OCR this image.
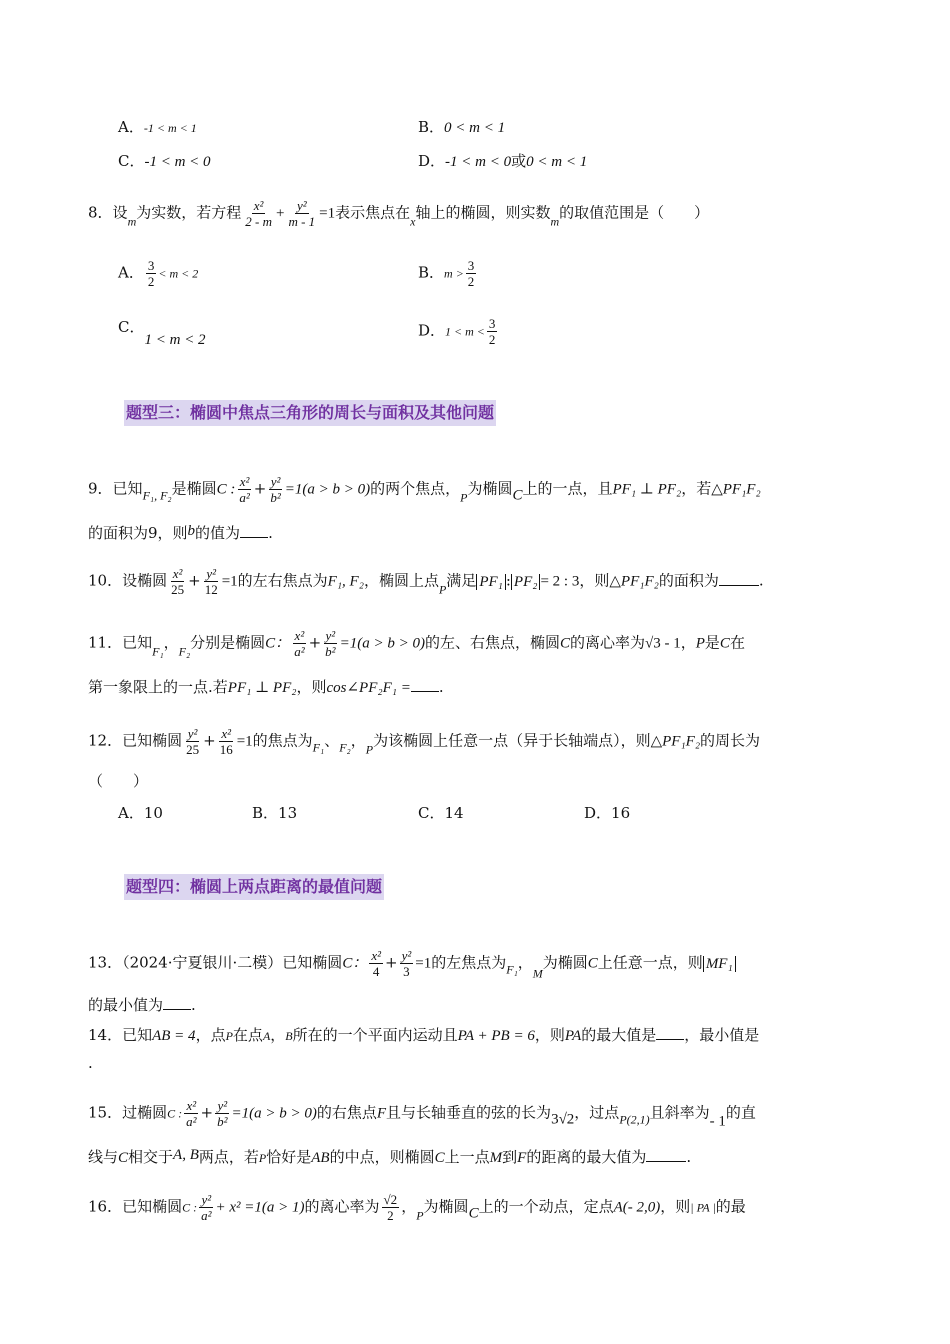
A．-1 < m < 1	B．0 < m < 1
C．-1 < m < 0	D．-1 < m < 0或0 < m < 1
8．设$_m$为实数，若方程 $\frac{\text{x²}}{2 - m} + \frac{\text{y²}}{m - 1} =1$表示焦点在$_x$轴上的椭圆，则实数$_m$的取值范围是（　　）
A． $\frac{3}{2} < m < 2$	B．$m > \frac{3}{2}$
C．1 < m < 2
D．$1 < m < \frac{3}{2}$
题型三：椭圆中焦点三角形的周长与面积及其他问题
9．已知$_{F_1, F_2}$是椭圆C : $\frac{\text{x²}}{\text{a²}} + \frac{\text{y²}}{\text{b²}} =1(a > b > 0)$的两个焦点，$_P$为椭圆C上的一点，且PF₁ ⊥ PF₂，若△PF₁F₂
的面积为9，则b的值为 .
10．设椭圆 $\frac{\text{x²}}{25} + \frac{\text{y²}}{12} =1$的左右焦点为F₁, F₂，椭圆上点$_P$满足 PF₁ : PF₂ = 2 : 3，则△PF₁F₂的面积为	.
11．已知$_{F_1}$，$_{F_2}$分别是椭圆C： $\frac{\text{x²}}{\text{a²}} + \frac{\text{y²}}{\text{b²}} =1(a > b > 0)$的左、右焦点，椭圆C的离心率为√3 - 1，P是C在
第一象限上的一点.若PF₁ ⊥ PF₂，则cos∠PF₂F₁ = .
12．已知椭圆 $\frac{\text{y²}}{25} + \frac{\text{x²}}{16} =1$的焦点为$_{F_1}$、$_{F_2}$，$_P$为该椭圆上任意一点（异于长轴端点），则△PF₁F₂的周长为
（　　）
A．10	B．13	C．14	D．16
题型四：椭圆上两点距离的最值问题
13．（2024·宁夏银川·二模）已知椭圆C： $\frac{\text{x²}}{4} + \frac{\text{y²}}{3} =1$的左焦点为$_{F_1}$，$_M$为椭圆C上任意一点，则 MF₁
的最小值为 .
14．已知AB = 4，点P在点A，B所在的一个平面内运动且PA + PB = 6，则PA的最大值是 ，最小值是
.
15．过椭圆C : $\frac{\text{x²}}{\text{a²}} + \frac{\text{y²}}{\text{b²}} =1(a > b > 0)$的右焦点F且与长轴垂直的弦的长为3√2，过点$_{P(2,1)}$且斜率为- 1的直
线与C相交于A, B两点，若P恰好是AB的中点，则椭圆C上一点M到F的距离的最大值为	.
16．已知椭圆C : $\frac{\text{y²}}{\text{a²}} + x^2 =1(a > 1)$的离心率为 $\frac{√2}{2}$ ，$_P$为椭圆C上的一个动点，定点A(- 2,0)，则| PA |的最
